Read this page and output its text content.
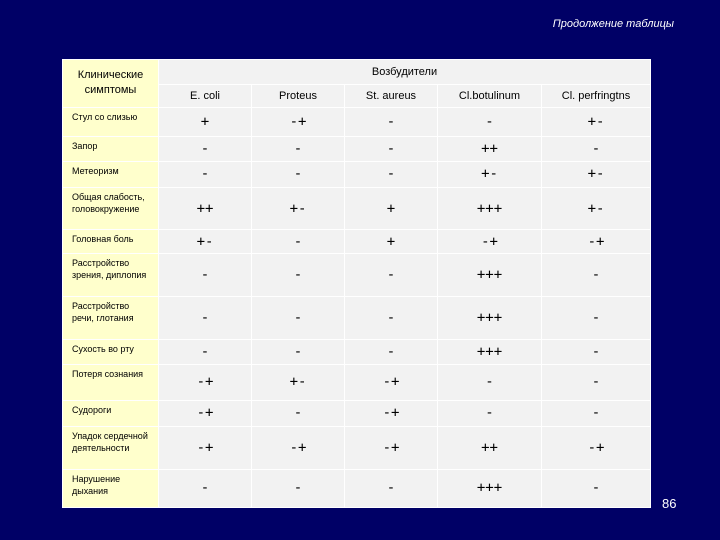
Продолжение таблицы
Клинические симптомы	Возбудители				
	E. coli	Proteus	St. aureus	Cl.botulinum	Cl. perfringtns

Стул со слизью	+	-+	-	-	+-

Запор	-	-	-	++	-

Метеоризм	-	-	-	+-	+-

Общая слабость, головокружение	++	+-	+	+++	+-

Головная боль	+-	-	+	-+	-+

Расстройство зрения, диплопия	-	-	-	+++	-

Расстройство речи, глотания	-	-	-	+++	-

Сухость во рту	-	-	-	+++	-

Потеря сознания	-+	+-	-+	-	-

Судороги	-+	-	-+	-	-

Упадок сердечной деятельности	-+	-+	-+	++	-+

Нарушение дыхания	-	-	-	+++	-
86
